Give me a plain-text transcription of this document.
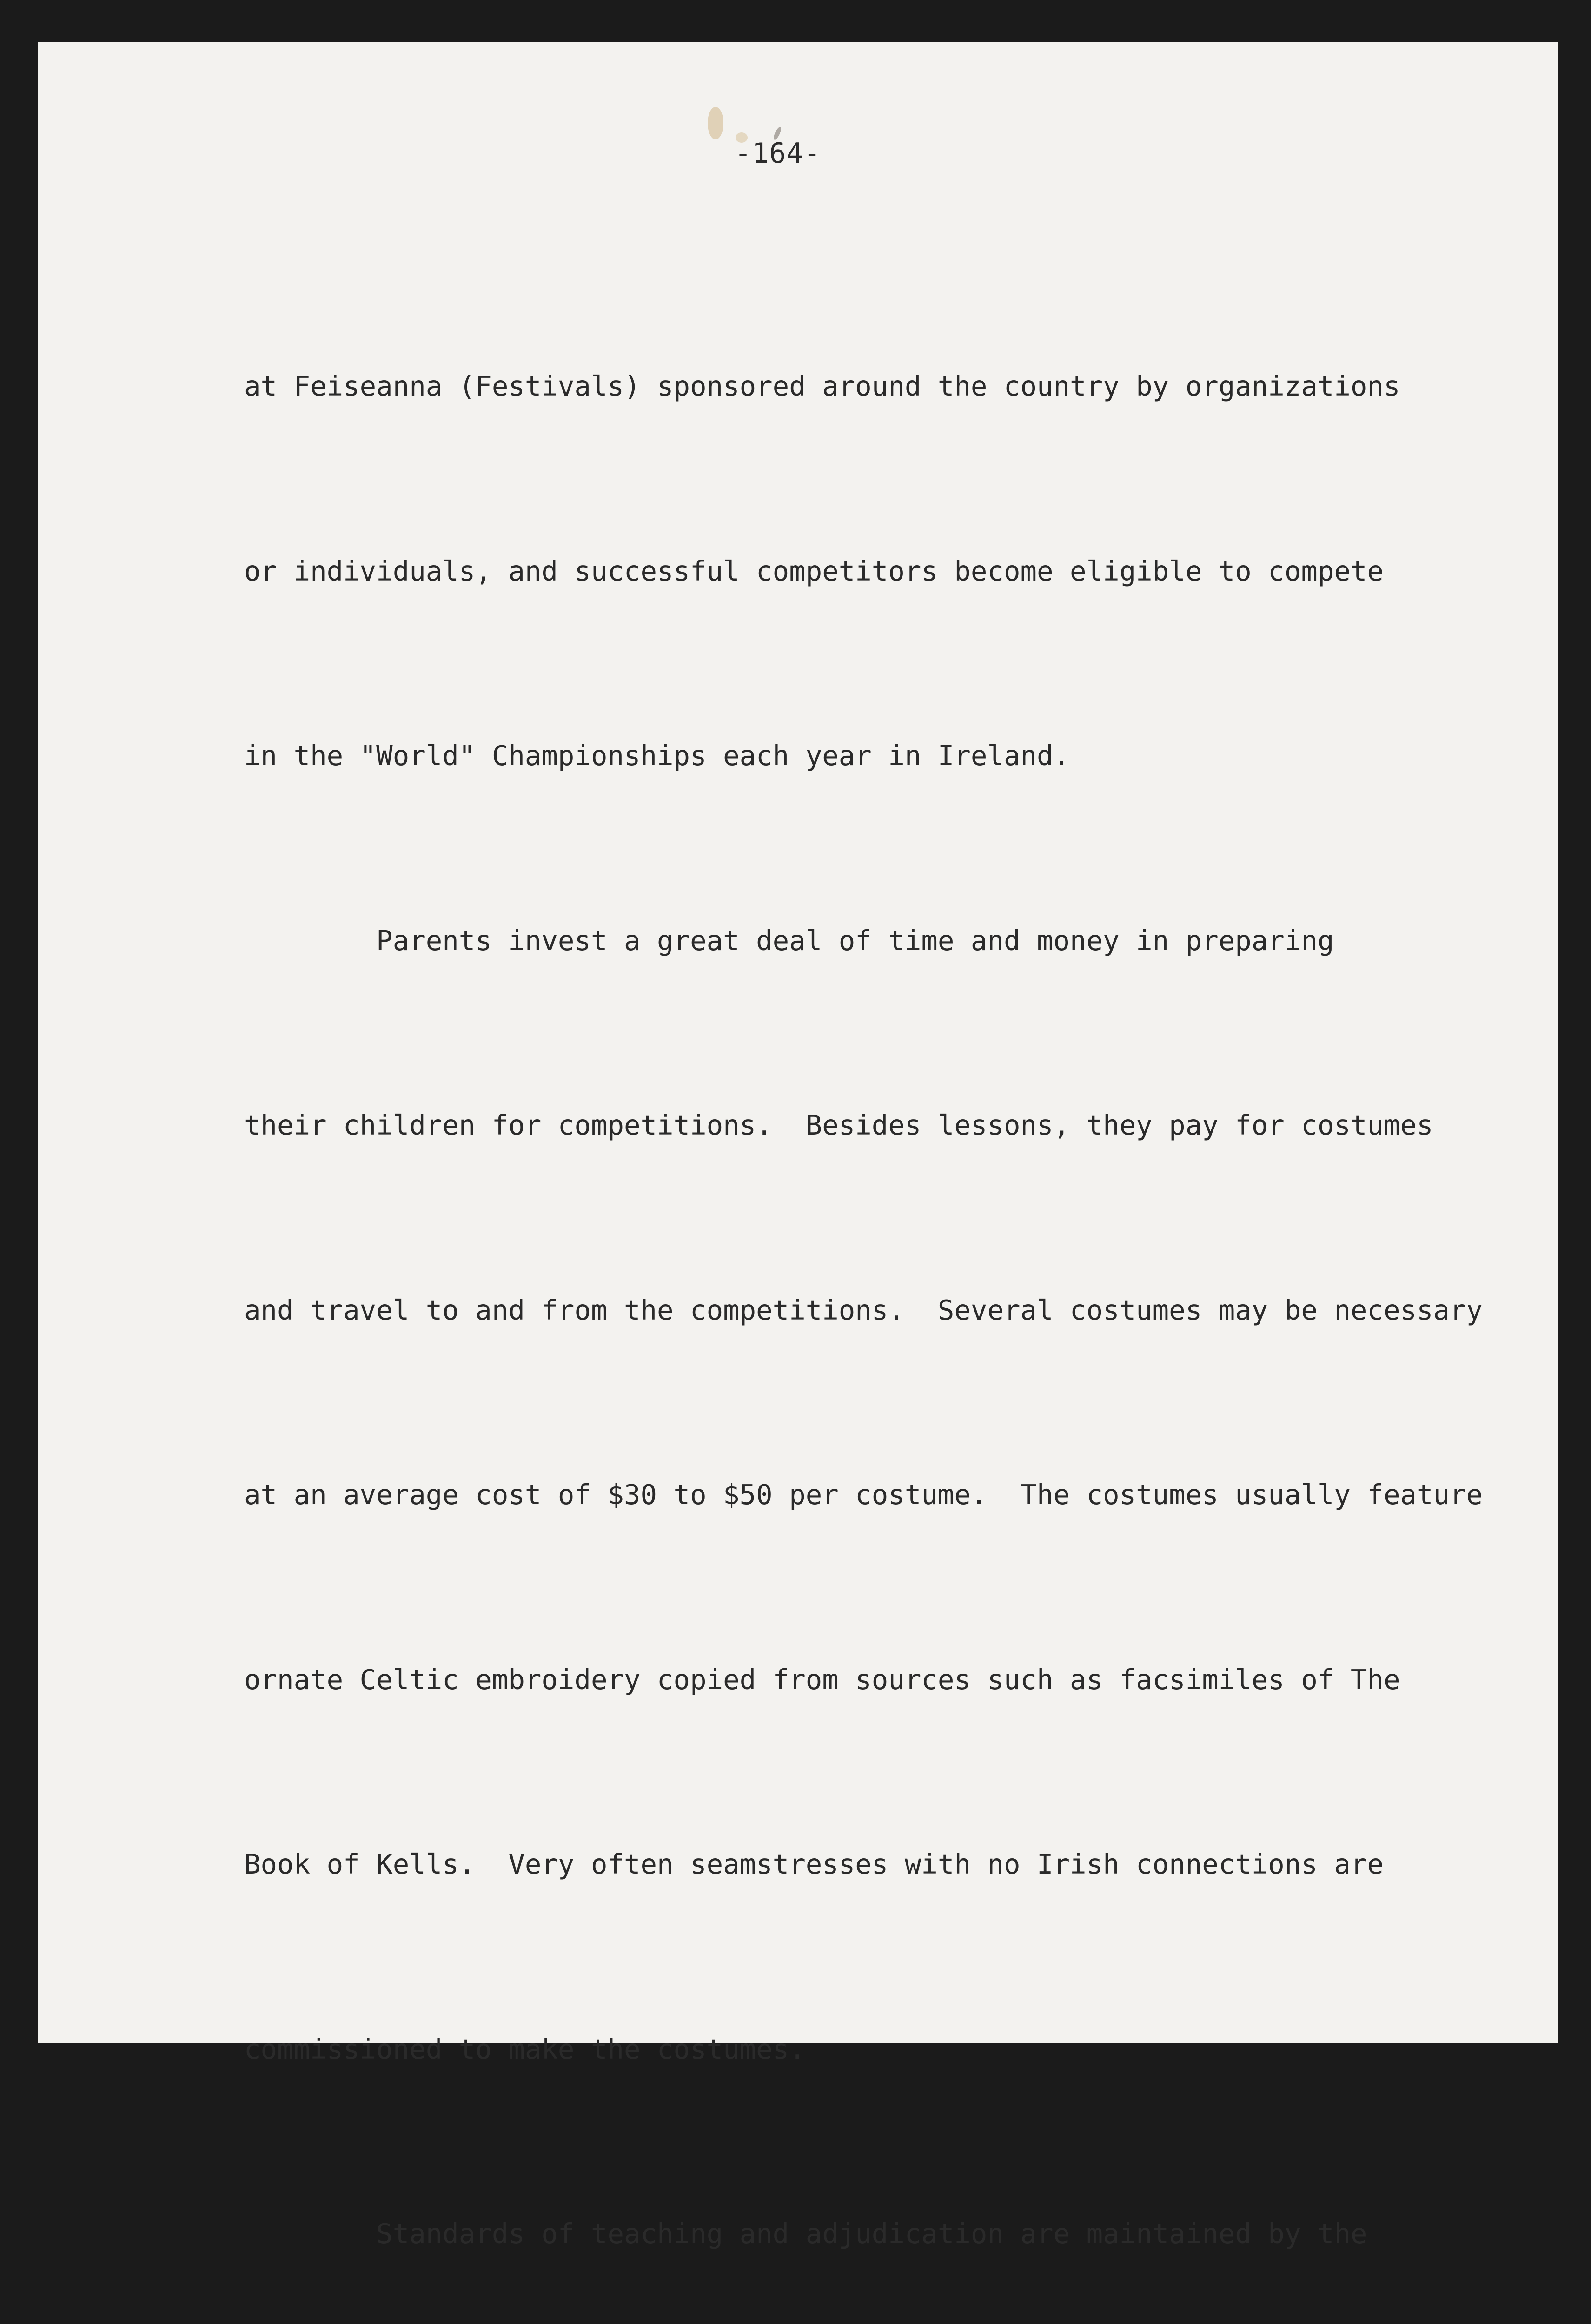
-164-

at Feiseanna (Festivals) sponsored around the country by organizations

or individuals, and successful competitors become eligible to compete

in the "World" Championships each year in Ireland.

Parents invest a great deal of time and money in preparing

their children for competitions.  Besides lessons, they pay for costumes

and travel to and from the competitions.  Several costumes may be necessary

at an average cost of $30 to $50 per costume.  The costumes usually feature

ornate Celtic embroidery copied from sources such as facsimiles of The

Book of Kells.  Very often seamstresses with no Irish connections are

commissioned to make the costumes.

Standards of teaching and adjudication are maintained by the
